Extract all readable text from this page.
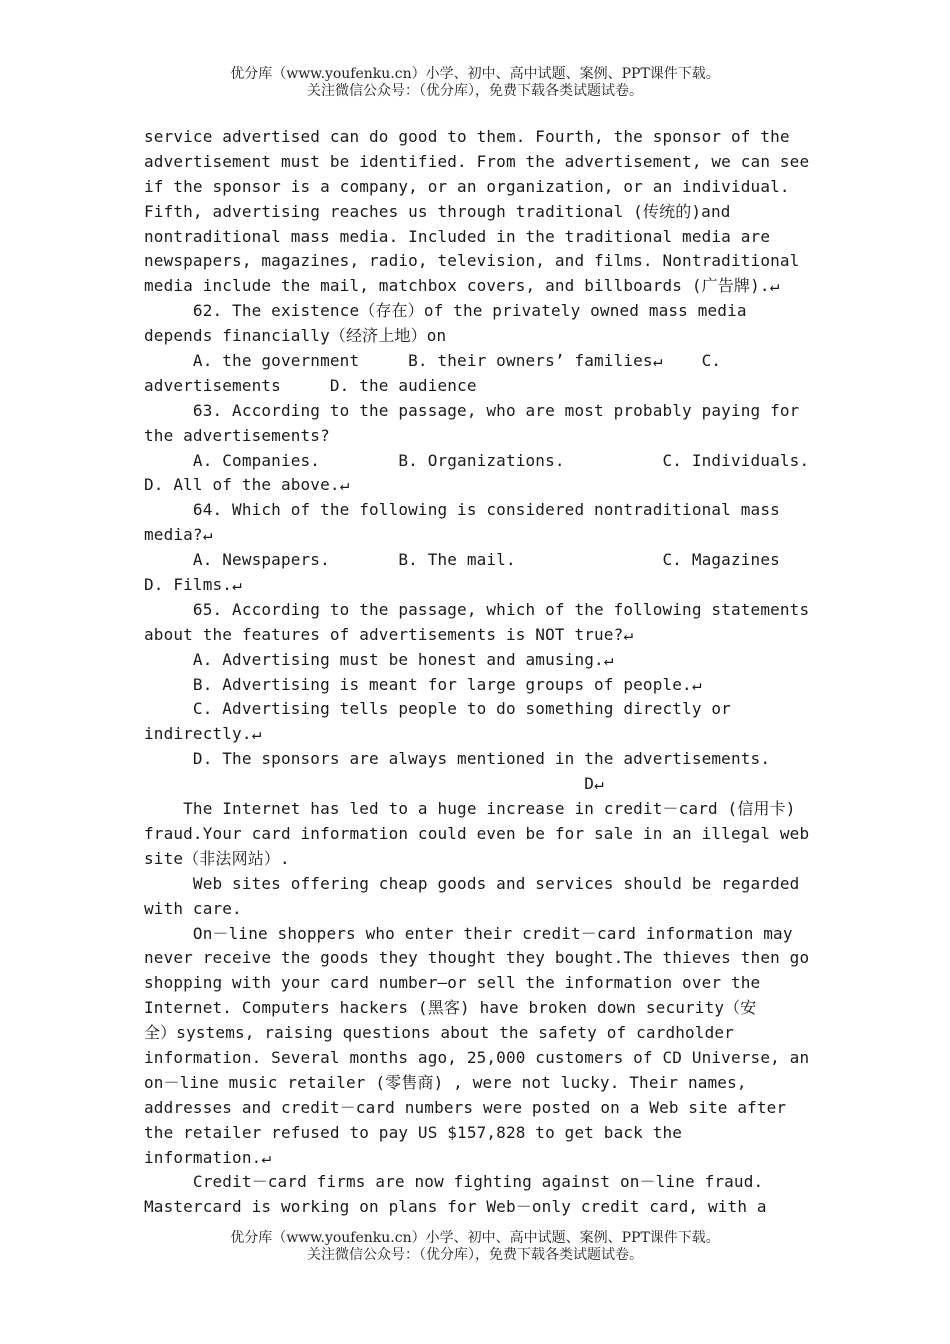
优分库（www.youfenku.cn）小学、初中、高中试题、案例、PPT课件下载。
关注微信公众号：（优分库），免费下载各类试题试卷。
service advertised can do good to them. Fourth, the sponsor of the
advertisement must be identified. From the advertisement, we can see
if the sponsor is a company, or an organization, or an individual.
Fifth, advertising reaches us through traditional (传统的)and
nontraditional mass media. Included in the traditional media are
newspapers, magazines, radio, television, and films. Nontraditional
media include the mail, matchbox covers, and billboards (广告牌).↵
62. The existence（存在）of the privately owned mass media
depends financially（经济上地）on
A. the government     B. their owners’ families↵    C.
advertisements     D. the audience
63. According to the passage, who are most probably paying for
the advertisements?
A. Companies.        B. Organizations.          C. Individuals.
D. All of the above.↵
64. Which of the following is considered nontraditional mass
media?↵
A. Newspapers.       B. The mail.               C. Magazines
D. Films.↵
65. According to the passage, which of the following statements
about the features of advertisements is NOT true?↵
A. Advertising must be honest and amusing.↵
B. Advertising is meant for large groups of people.↵
C. Advertising tells people to do something directly or
indirectly.↵
D. The sponsors are always mentioned in the advertisements.
D↵
The Internet has led to a huge increase in credit－card (信用卡)
fraud.Your card information could even be for sale in an illegal web
site（非法网站）.
Web sites offering cheap goods and services should be regarded
with care.
On－line shoppers who enter their credit－card information may
never receive the goods they thought they bought.The thieves then go
shopping with your card number—or sell the information over the
Internet. Computers hackers (黑客) have broken down security（安
全）systems, raising questions about the safety of cardholder
information. Several months ago, 25,000 customers of CD Universe, an
on－line music retailer (零售商) , were not lucky. Their names,
addresses and credit－card numbers were posted on a Web site after
the retailer refused to pay US $157,828 to get back the
information.↵
Credit－card firms are now fighting against on－line fraud.
Mastercard is working on plans for Web－only credit card, with a
优分库（www.youfenku.cn）小学、初中、高中试题、案例、PPT课件下载。
关注微信公众号：（优分库），免费下载各类试题试卷。
